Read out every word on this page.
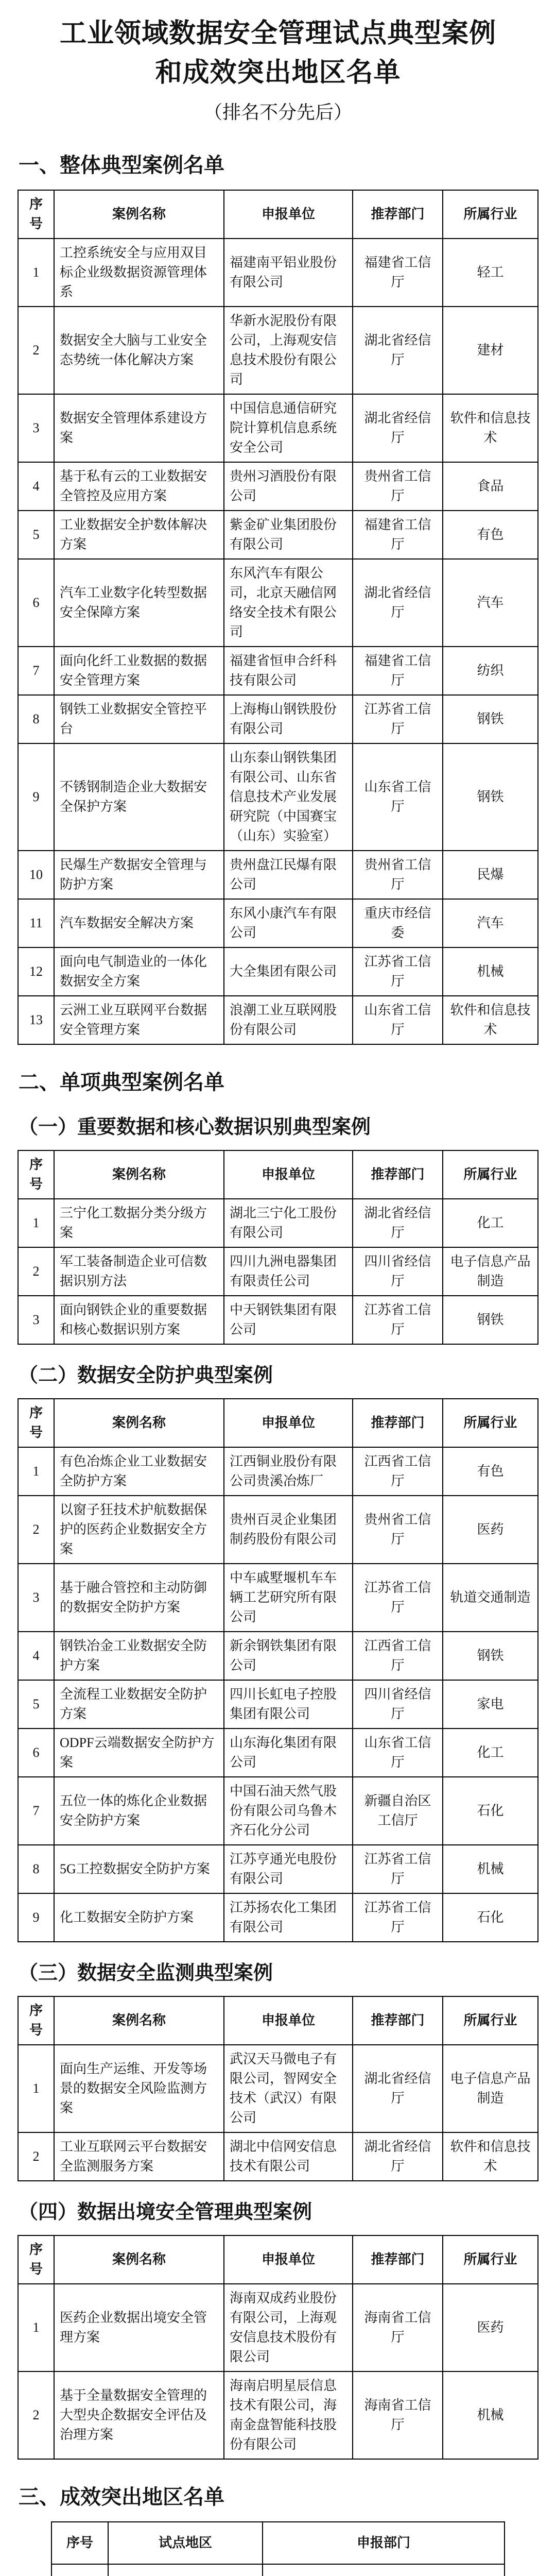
工业领域数据安全管理试点典型案例
和成效突出地区名单
（排名不分先后）
一、整体典型案例名单
序号	案例名称	申报单位	推荐部门	所属行业
1	工控系统安全与应用双目标企业级数据资源管理体系	福建南平铝业股份有限公司	福建省工信厅	轻工
2	数据安全大脑与工业安全态势统一体化解决方案	华新水泥股份有限公司，上海观安信息技术股份有限公司	湖北省经信厅	建材
3	数据安全管理体系建设方案	中国信息通信研究院计算机信息系统安全公司	湖北省经信厅	软件和信息技术
4	基于私有云的工业数据安全管控及应用方案	贵州习酒股份有限公司	贵州省工信厅	食品
5	工业数据安全护数体解决方案	紫金矿业集团股份有限公司	福建省工信厅	有色
6	汽车工业数字化转型数据安全保障方案	东风汽车有限公司，北京天融信网络安全技术有限公司	湖北省经信厅	汽车
7	面向化纤工业数据的数据安全管理方案	福建省恒申合纤科技有限公司	福建省工信厅	纺织
8	钢铁工业数据安全管控平台	上海梅山钢铁股份有限公司	江苏省工信厅	钢铁
9	不锈钢制造企业大数据安全保护方案	山东泰山钢铁集团有限公司、山东省信息技术产业发展研究院（中国赛宝（山东）实验室）	山东省工信厅	钢铁
10	民爆生产数据安全管理与防护方案	贵州盘江民爆有限公司	贵州省工信厅	民爆
11	汽车数据安全解决方案	东风小康汽车有限公司	重庆市经信委	汽车
12	面向电气制造业的一体化数据安全方案	大全集团有限公司	江苏省工信厅	机械
13	云洲工业互联网平台数据安全管理方案	浪潮工业互联网股份有限公司	山东省工信厅	软件和信息技术
二、单项典型案例名单
（一）重要数据和核心数据识别典型案例
序号	案例名称	申报单位	推荐部门	所属行业
1	三宁化工数据分类分级方案	湖北三宁化工股份有限公司	湖北省经信厅	化工
2	军工装备制造企业可信数据识别方法	四川九洲电器集团有限责任公司	四川省经信厅	电子信息产品制造
3	面向钢铁企业的重要数据和核心数据识别方案	中天钢铁集团有限公司	江苏省工信厅	钢铁
（二）数据安全防护典型案例
序号	案例名称	申报单位	推荐部门	所属行业
1	有色冶炼企业工业数据安全防护方案	江西铜业股份有限公司贵溪冶炼厂	江西省工信厅	有色
2	以窗子狂技术护航数据保护的医药企业数据安全方案	贵州百灵企业集团制药股份有限公司	贵州省工信厅	医药
3	基于融合管控和主动防御的数据安全防护方案	中车戚墅堰机车车辆工艺研究所有限公司	江苏省工信厅	轨道交通制造
4	钢铁冶金工业数据安全防护方案	新余钢铁集团有限公司	江西省工信厅	钢铁
5	全流程工业数据安全防护方案	四川长虹电子控股集团有限公司	四川省经信厅	家电
6	ODPF云端数据安全防护方案	山东海化集团有限公司	山东省工信厅	化工
7	五位一体的炼化企业数据安全防护方案	中国石油天然气股份有限公司乌鲁木齐石化分公司	新疆自治区工信厅	石化
8	5G工控数据安全防护方案	江苏亨通光电股份有限公司	江苏省工信厅	机械
9	化工数据安全防护方案	江苏扬农化工集团有限公司	江苏省工信厅	石化
（三）数据安全监测典型案例
序号	案例名称	申报单位	推荐部门	所属行业
1	面向生产运维、开发等场景的数据安全风险监测方案	武汉天马微电子有限公司，智网安全技术（武汉）有限公司	湖北省经信厅	电子信息产品制造
2	工业互联网云平台数据安全监测服务方案	湖北中信网安信息技术有限公司	湖北省经信厅	软件和信息技术
（四）数据出境安全管理典型案例
序号	案例名称	申报单位	推荐部门	所属行业
1	医药企业数据出境安全管理方案	海南双成药业股份有限公司，上海观安信息技术股份有限公司	海南省工信厅	医药
2	基于全量数据安全管理的大型央企数据安全评估及治理方案	海南启明星辰信息技术有限公司，海南金盘智能科技股份有限公司	海南省工信厅	机械
三、成效突出地区名单
序号	试点地区	申报部门
